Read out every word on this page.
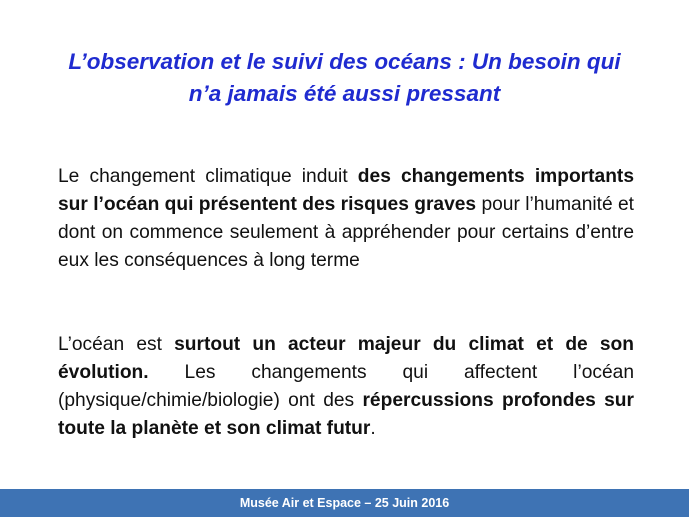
L’observation et le suivi des océans : Un besoin qui
n’a jamais été aussi pressant

Le changement climatique induit des changements importants sur l’océan qui présentent des risques graves pour l’humanité et dont on commence seulement à appréhender pour certains d’entre eux les conséquences à long terme

L’océan est surtout un acteur majeur du climat et de son évolution. Les changements qui affectent l’océan (physique/chimie/biologie) ont des répercussions profondes sur toute la planète et son climat futur.

Musée Air et Espace – 25 Juin 2016
